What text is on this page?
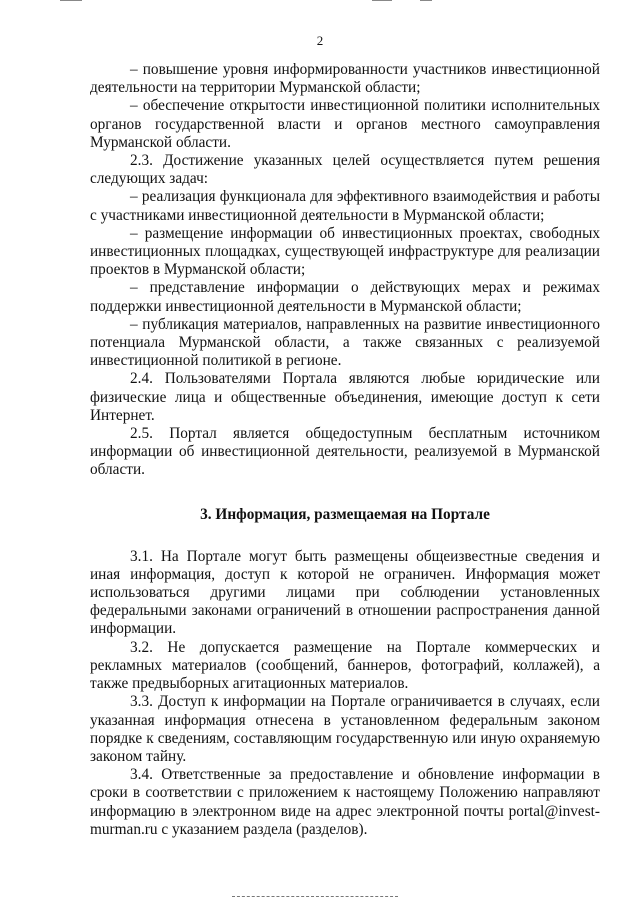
2

– повышение уровня информированности участников инвестиционной деятельности на территории Мурманской области;

– обеспечение открытости инвестиционной политики исполнительных органов государственной власти и органов местного самоуправления Мурманской области.

2.3. Достижение указанных целей осуществляется путем решения следующих задач:

– реализация функционала для эффективного взаимодействия и работы с участниками инвестиционной деятельности в Мурманской области;

– размещение информации об инвестиционных проектах, свободных инвестиционных площадках, существующей инфраструктуре для реализации проектов в Мурманской области;

– представление информации о действующих мерах и режимах поддержки инвестиционной деятельности в Мурманской области;

– публикация материалов, направленных на развитие инвестиционного потенциала Мурманской области, а также связанных с реализуемой инвестиционной политикой в регионе.

2.4. Пользователями Портала являются любые юридические или физические лица и общественные объединения, имеющие доступ к сети Интернет.

2.5. Портал является общедоступным бесплатным источником информации об инвестиционной деятельности, реализуемой в Мурманской области.

3. Информация, размещаемая на Портале

3.1. На Портале могут быть размещены общеизвестные сведения и иная информация, доступ к которой не ограничен. Информация может использоваться другими лицами при соблюдении установленных федеральными законами ограничений в отношении распространения данной информации.

3.2. Не допускается размещение на Портале коммерческих и рекламных материалов (сообщений, баннеров, фотографий, коллажей), а также предвыборных агитационных материалов.

3.3. Доступ к информации на Портале ограничивается в случаях, если указанная информация отнесена в установленном федеральным законом порядке к сведениям, составляющим государственную или иную охраняемую законом тайну.

3.4. Ответственные за предоставление и обновление информации в сроки в соответствии с приложением к настоящему Положению направляют информацию в электронном виде на адрес электронной почты portal@invest-murman.ru с указанием раздела (разделов).
